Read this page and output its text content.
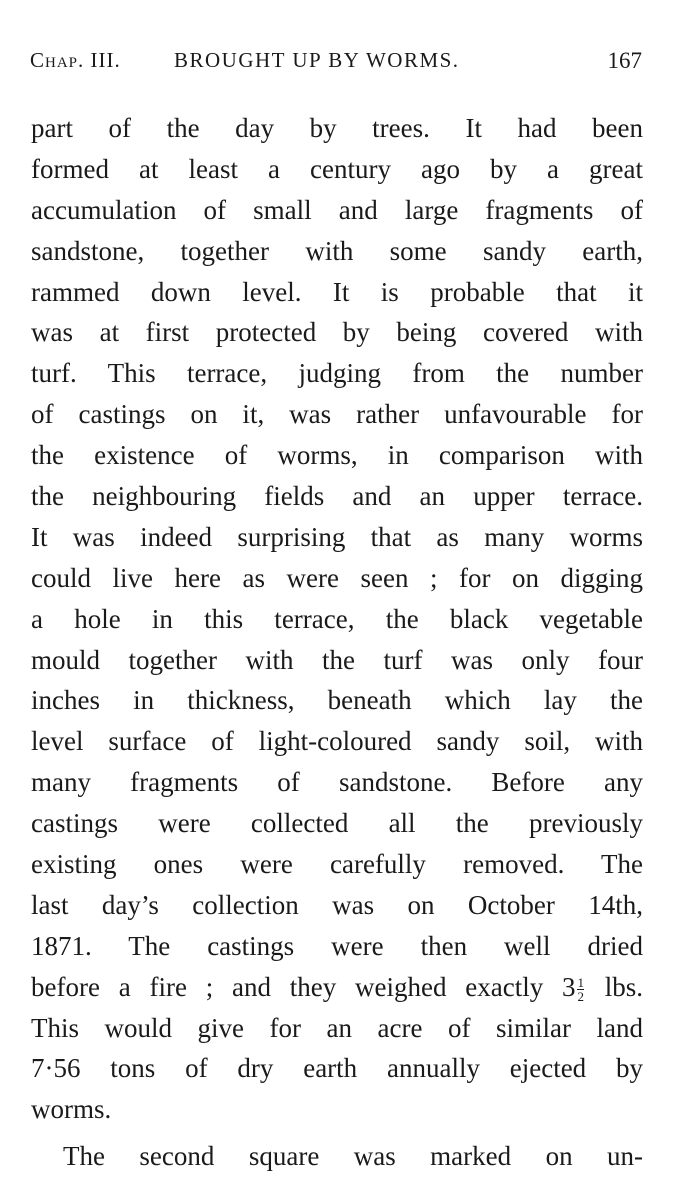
Chap. III.	BROUGHT UP BY WORMS.	167
part of the day by trees. It had been
formed at least a century ago by a great
accumulation of small and large fragments of
sandstone, together with some sandy earth,
rammed down level. It is probable that it
was at first protected by being covered with
turf. This terrace, judging from the number
of castings on it, was rather unfavourable for
the existence of worms, in comparison with
the neighbouring fields and an upper terrace.
It was indeed surprising that as many worms
could live here as were seen ; for on digging
a hole in this terrace, the black vegetable
mould together with the turf was only four
inches in thickness, beneath which lay the
level surface of light-coloured sandy soil, with
many fragments of sandstone. Before any
castings were collected all the previously
existing ones were carefully removed. The
last day’s collection was on October 14th,
1871. The castings were then well dried
before a fire ; and they weighed exactly $3 \frac{1}{2}$ lbs.
This would give for an acre of similar land
7·56 tons of dry earth annually ejected by
worms.
The second square was marked on un-
